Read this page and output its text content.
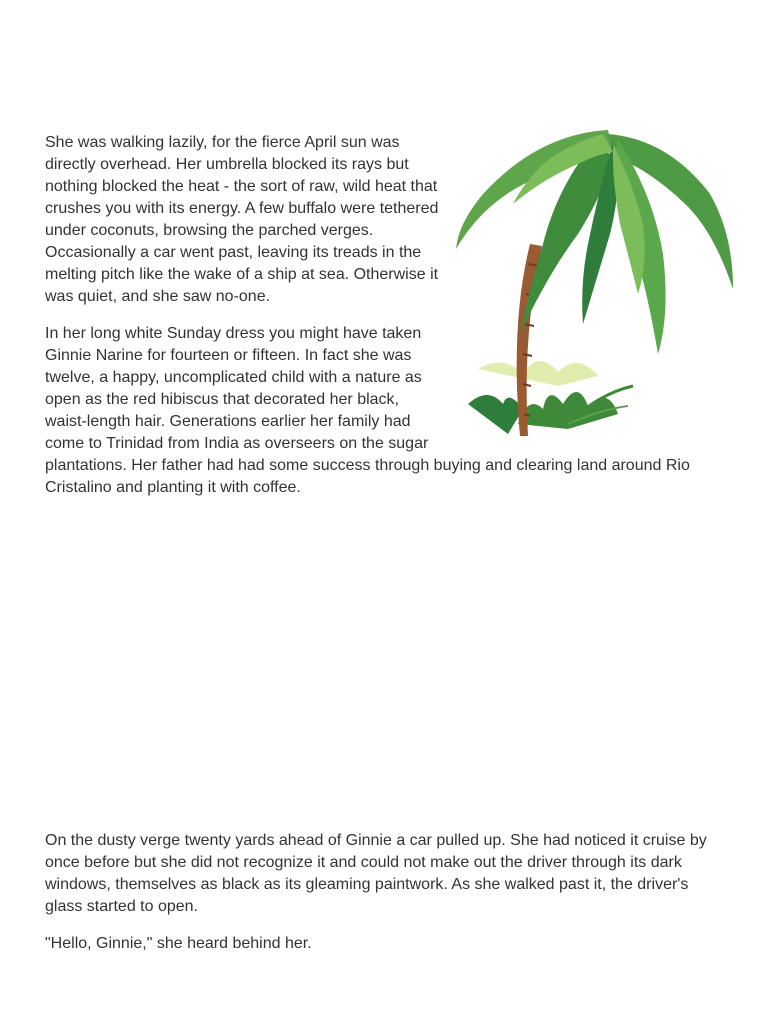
She was walking lazily, for the fierce April sun was directly overhead. Her umbrella blocked its rays but nothing blocked the heat - the sort of raw, wild heat that crushes you with its energy. A few buffalo were tethered under coconuts, browsing the parched verges. Occasionally a car went past, leaving its treads in the melting pitch like the wake of a ship at sea. Otherwise it was quiet, and she saw no-one.

In her long white Sunday dress you might have taken Ginnie Narine for fourteen or fifteen. In fact she was twelve, a happy, uncomplicated child with a nature as open as the red hibiscus that decorated her black, waist-length hair. Generations earlier her family had come to Trinidad from India as overseers on the sugar plantations. Her father had had some success through buying and clearing land around Rio Cristalino and planting it with coffee.

On the dusty verge twenty yards ahead of Ginnie a car pulled up. She had noticed it cruise by once before but she did not recognize it and could not make out the driver through its dark windows, themselves as black as its gleaming paintwork. As she walked past it, the driver's glass started to open.

"Hello, Ginnie," she heard behind her.
